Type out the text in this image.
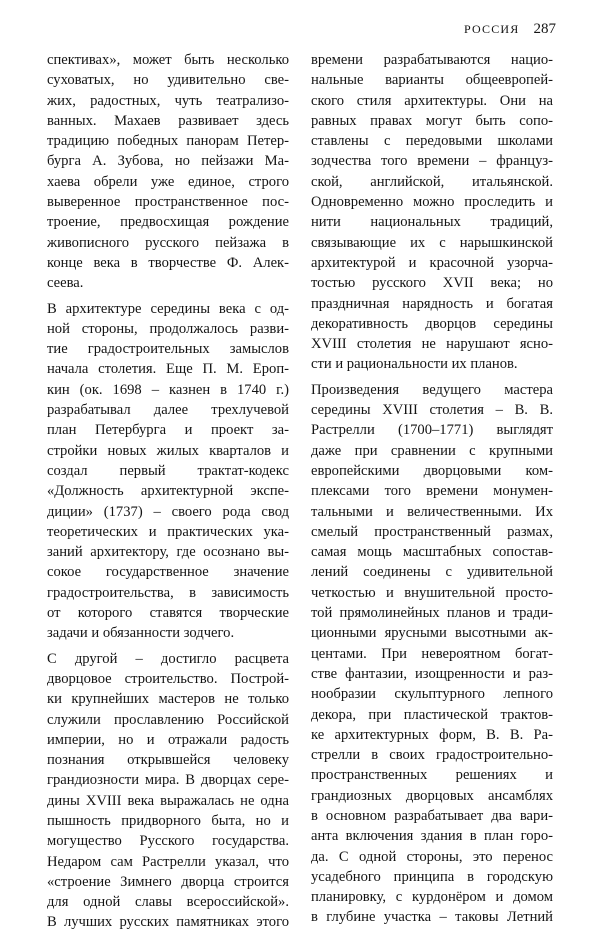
РОССИЯ 287
спективах», может быть несколько
суховатых, но удивительно све-
жих, радостных, чуть театрализо-
ванных. Махаев развивает здесь
традицию победных панорам Петер-
бурга А. Зубова, но пейзажи Ма-
хаева обрели уже единое, строго
выверенное пространственное пос-
троение, предвосхищая рождение
живописного русского пейзажа в
конце века в творчестве Ф. Алек-
сеева.
В архитектуре середины века с од-
ной стороны, продолжалось разви-
тие градостроительных замыслов
начала столетия. Еще П. М. Ероп-
кин (ок. 1698 – казнен в 1740 г.)
разрабатывал далее трехлучевой
план Петербурга и проект за-
стройки новых жилых кварталов и
создал первый трактат-кодекс
«Должность архитектурной экспе-
диции» (1737) – своего рода свод
теоретических и практических ука-
заний архитектору, где осознано вы-
сокое государственное значение
градостроительства, в зависимость
от которого ставятся творческие
задачи и обязанности зодчего.
С другой – достигло расцвета
дворцовое строительство. Построй-
ки крупнейших мастеров не только
служили прославлению Российской
империи, но и отражали радость
познания открывшейся человеку
грандиозности мира. В дворцах сере-
дины XVIII века выражалась не одна
пышность придворного быта, но и
могущество Русского государства.
Недаром сам Растрелли указал, что
«строение Зимнего дворца строится
для одной славы всероссийской».
В лучших русских памятниках этого
времени разрабатываются нацио-
нальные варианты общеевропей-
ского стиля архитектуры. Они на
равных правах могут быть сопо-
ставлены с передовыми школами
зодчества того времени – француз-
ской, английской, итальянской.
Одновременно можно проследить и
нити национальных традиций,
связывающие их с нарышкинской
архитектурой и красочной узорча-
тостью русского XVII века; но
праздничная нарядность и богатая
декоративность дворцов середины
XVIII столетия не нарушают ясно-
сти и рациональности их планов.
Произведения ведущего мастера
середины XVIII столетия – В. В.
Растрелли (1700–1771) выглядят
даже при сравнении с крупными
европейскими дворцовыми ком-
плексами того времени монумен-
тальными и величественными. Их
смелый пространственный размах,
самая мощь масштабных сопостав-
лений соединены с удивительной
четкостью и внушительной просто-
той прямолинейных планов и тради-
ционными ярусными высотными ак-
центами. При невероятном богат-
стве фантазии, изощренности и раз-
нообразии скульптурного лепного
декора, при пластической трактов-
ке архитектурных форм, В. В. Ра-
стрелли в своих градостроительно-
пространственных решениях и
грандиозных дворцовых ансамблях
в основном разрабатывает два вари-
анта включения здания в план горо-
да. С одной стороны, это перенос
усадебного принципа в городскую
планировку, с курдонёром и домом
в глубине участка – таковы Летний
